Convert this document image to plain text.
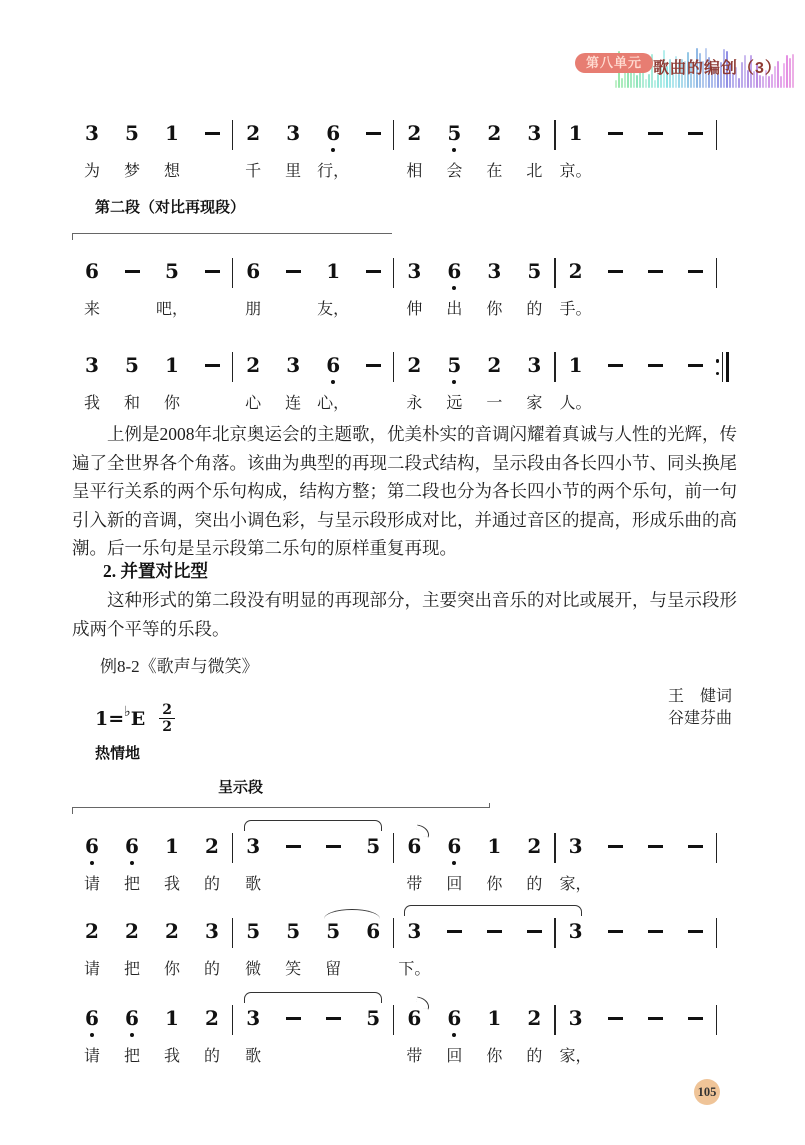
第八单元 歌曲的编创（3）
3
为
5
梦
1
想
2
千
3
里
6
行，
2
相
5
会
2
在
3
北
1
京。
第二段（对比再现段）
6
来
5
吧，
6
朋
1
友，
3
伸
6
出
3
你
5
的
2
手。
3
我
5
和
1
你
2
心
3
连
6
心，
2
永
5
远
2
一
3
家
1
人。

上例是2008年北京奥运会的主题歌，优美朴实的音调闪耀着真诚与人性的光辉，传遍了全世界各个角落。该曲为典型的再现二段式结构，呈示段由各长四小节、同头换尾呈平行关系的两个乐句构成，结构方整；第二段也分为各长四小节的两个乐句，前一句引入新的音调，突出小调色彩，与呈示段形成对比，并通过音区的提高，形成乐曲的高潮。后一乐句是呈示段第二乐句的原样重复再现。

2. 并置对比型

这种形式的第二段没有明显的再现部分，主要突出音乐的对比或展开，与呈示段形成两个平等的乐段。

例8-2《歌声与微笑》
王　健词
谷建芬曲
1= ♭ E 2
2
热情地
呈示段
6
请
6
把
1
我
2
的
3
歌
5 6
带
6
回
1
你
2
的
3
家，
2
请
2
把
2
你
3
的
5
微
5
笑
5
留
6 3
下。
3
6
请
6
把
1
我
2
的
3
歌
5 6
带
6
回
1
你
2
的
3
家，
105
